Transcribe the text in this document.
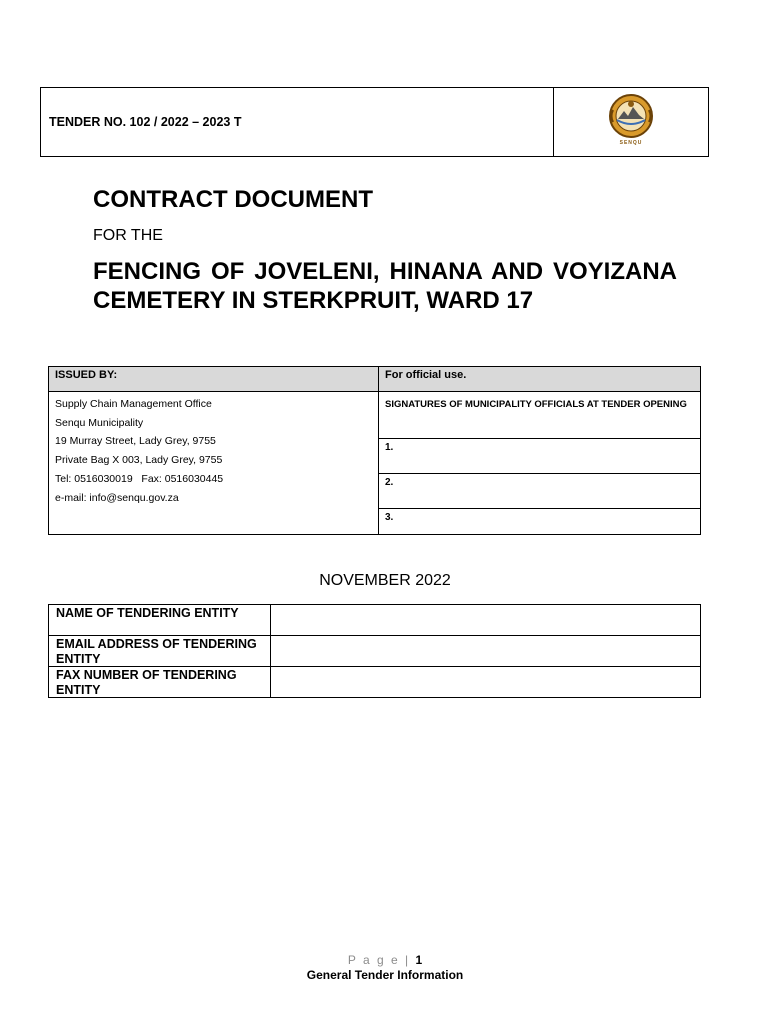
TENDER NO. 102 / 2022 – 2023 T
SENQU
CONTRACT DOCUMENT
FOR THE
FENCING OF JOVELENI, HINANA AND VOYIZANA CEMETERY IN STERKPRUIT, WARD 17
ISSUED BY:
Supply Chain Management Office
Senqu Municipality
19 Murray Street, Lady Grey, 9755
Private Bag X 003, Lady Grey, 9755
Tel: 0516030019   Fax: 0516030445
e-mail: info@senqu.gov.za
For official use.
SIGNATURES OF MUNICIPALITY OFFICIALS AT TENDER OPENING
1.
2.
3.
NOVEMBER 2022
NAME OF TENDERING ENTITY
EMAIL ADDRESS OF TENDERING ENTITY
FAX NUMBER OF TENDERING ENTITY
P a g e | 1
General Tender Information
